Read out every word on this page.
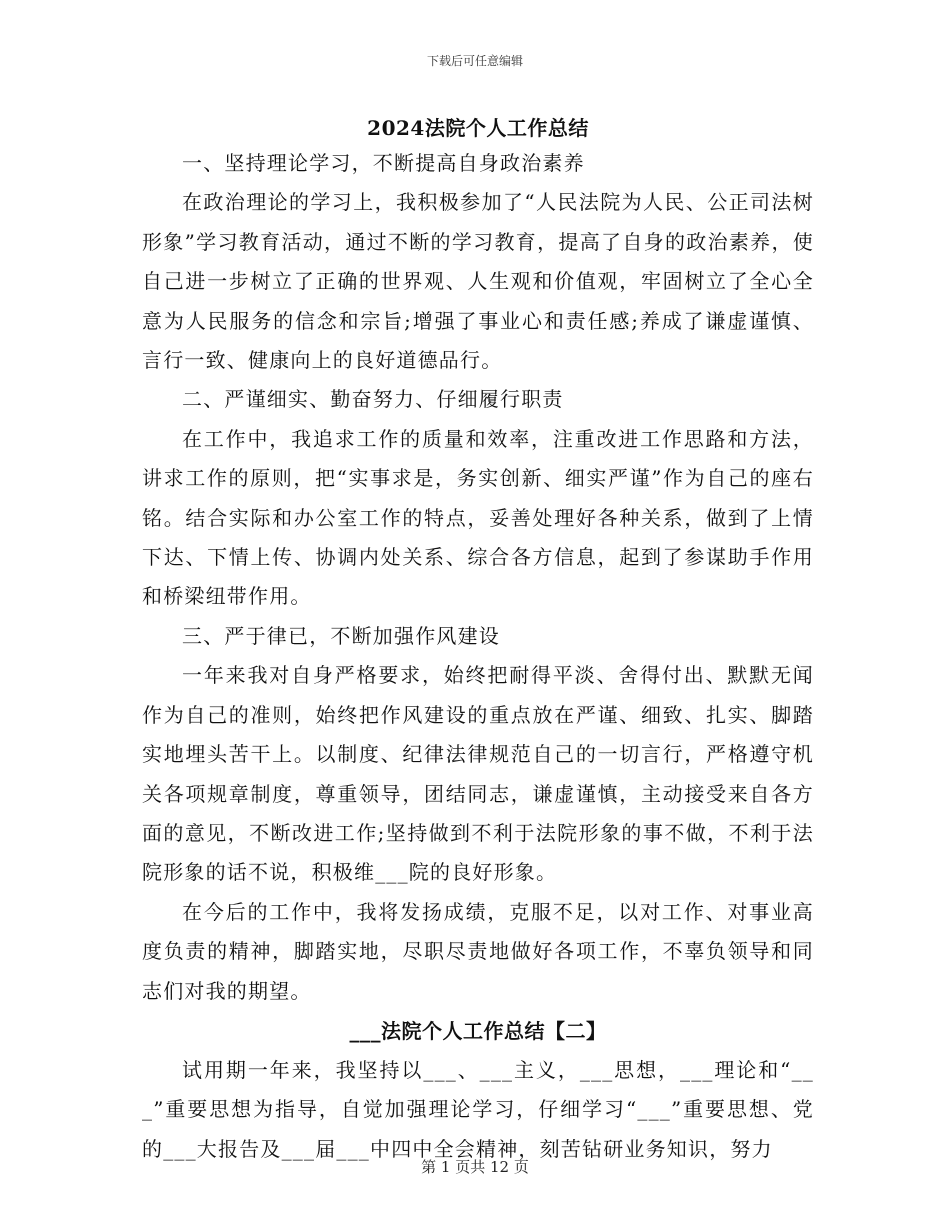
下载后可任意编辑

2024法院个人工作总结

一、坚持理论学习，不断提高自身政治素养

在政治理论的学习上，我积极参加了“人民法院为人民、公正司法树形象”学习教育活动，通过不断的学习教育，提高了自身的政治素养，使自己进一步树立了正确的世界观、人生观和价值观，牢固树立了全心全意为人民服务的信念和宗旨;增强了事业心和责任感;养成了谦虚谨慎、言行一致、健康向上的良好道德品行。

二、严谨细实、勤奋努力、仔细履行职责

在工作中，我追求工作的质量和效率，注重改进工作思路和方法，讲求工作的原则，把“实事求是，务实创新、细实严谨”作为自己的座右铭。结合实际和办公室工作的特点，妥善处理好各种关系，做到了上情下达、下情上传、协调内处关系、综合各方信息，起到了参谋助手作用和桥梁纽带作用。

三、严于律已，不断加强作风建设

一年来我对自身严格要求，始终把耐得平淡、舍得付出、默默无闻作为自己的准则，始终把作风建设的重点放在严谨、细致、扎实、脚踏实地埋头苦干上。以制度、纪律法律规范自己的一切言行，严格遵守机关各项规章制度，尊重领导，团结同志，谦虚谨慎，主动接受来自各方面的意见，不断改进工作;坚持做到不利于法院形象的事不做，不利于法院形象的话不说，积极维___院的良好形象。

在今后的工作中，我将发扬成绩，克服不足，以对工作、对事业高度负责的精神，脚踏实地，尽职尽责地做好各项工作，不辜负领导和同志们对我的期望。

___法院个人工作总结【二】

试用期一年来，我坚持以___、___主义，___思想，___理论和“___”重要思想为指导，自觉加强理论学习，仔细学习“___”重要思想、党的___大报告及___届___中四中全会精神，刻苦钻研业务知识，努力

第 1 页共 12 页
